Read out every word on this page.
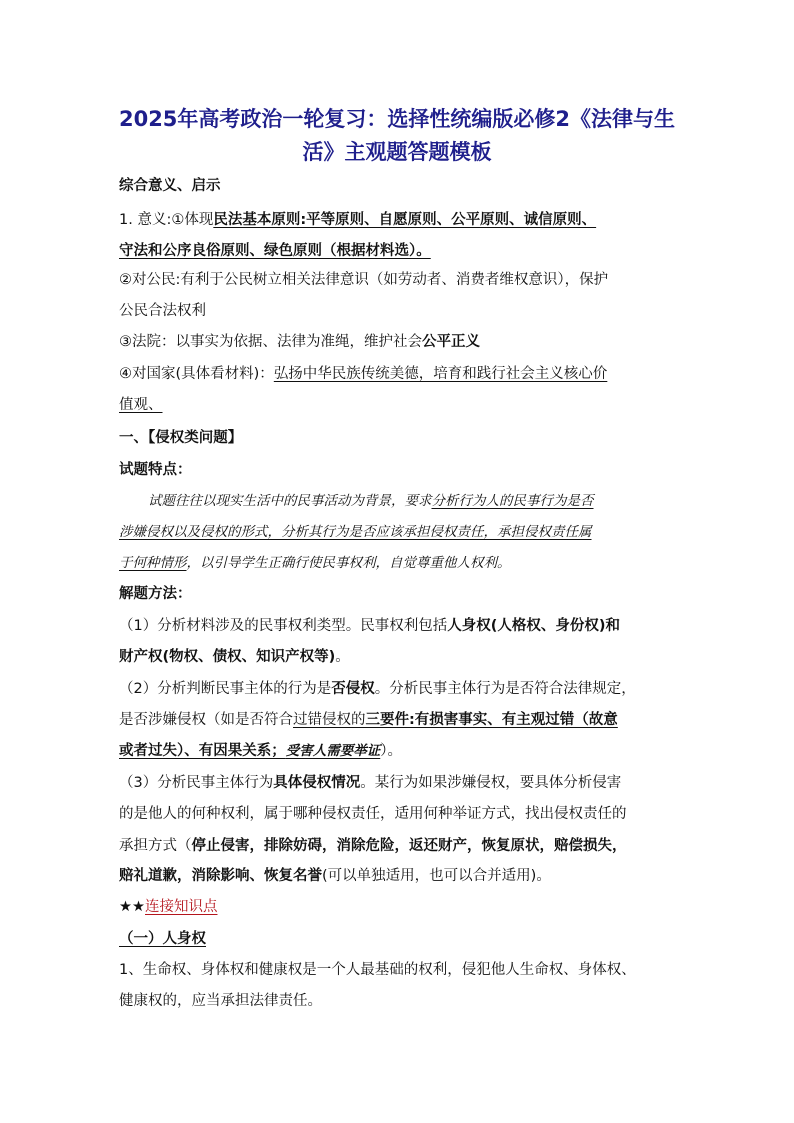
2025年高考政治一轮复习：选择性统编版必修2《法律与生
活》主观题答题模板
综合意义、启示
1. 意义:①体现民法基本原则:平等原则、自愿原则、公平原则、诚信原则、
守法和公序良俗原则、绿色原则（根据材料选）。
②对公民:有利于公民树立相关法律意识（如劳动者、消费者维权意识），保护
公民合法权利
③法院：以事实为依据、法律为准绳，维护社会公平正义
④对国家(具体看材料)：弘扬中华民族传统美德，培育和践行社会主义核心价
值观、
一、【侵权类问题】
试题特点：
试题往往以现实生活中的民事活动为背景，要求分析行为人的民事行为是否
涉嫌侵权以及侵权的形式，分析其行为是否应该承担侵权责任，承担侵权责任属
于何种情形，以引导学生正确行使民事权利，自觉尊重他人权利。
解题方法：
（1）分析材料涉及的民事权利类型。民事权利包括人身权(人格权、身份权)和
财产权(物权、债权、知识产权等)。
（2）分析判断民事主体的行为是否侵权。分析民事主体行为是否符合法律规定，
是否涉嫌侵权（如是否符合过错侵权的三要件:有损害事实、有主观过错（故意
或者过失）、有因果关系；受害人需要举证）。
（3）分析民事主体行为具体侵权情况。某行为如果涉嫌侵权，要具体分析侵害
的是他人的何种权利，属于哪种侵权责任，适用何种举证方式，找出侵权责任的
承担方式（停止侵害，排除妨碍，消除危险，返还财产，恢复原状，赔偿损失，
赔礼道歉，消除影响、恢复名誉(可以单独适用，也可以合并适用)。
★★连接知识点
（一）人身权
1、生命权、身体权和健康权是一个人最基础的权利，侵犯他人生命权、身体权、
健康权的，应当承担法律责任。
